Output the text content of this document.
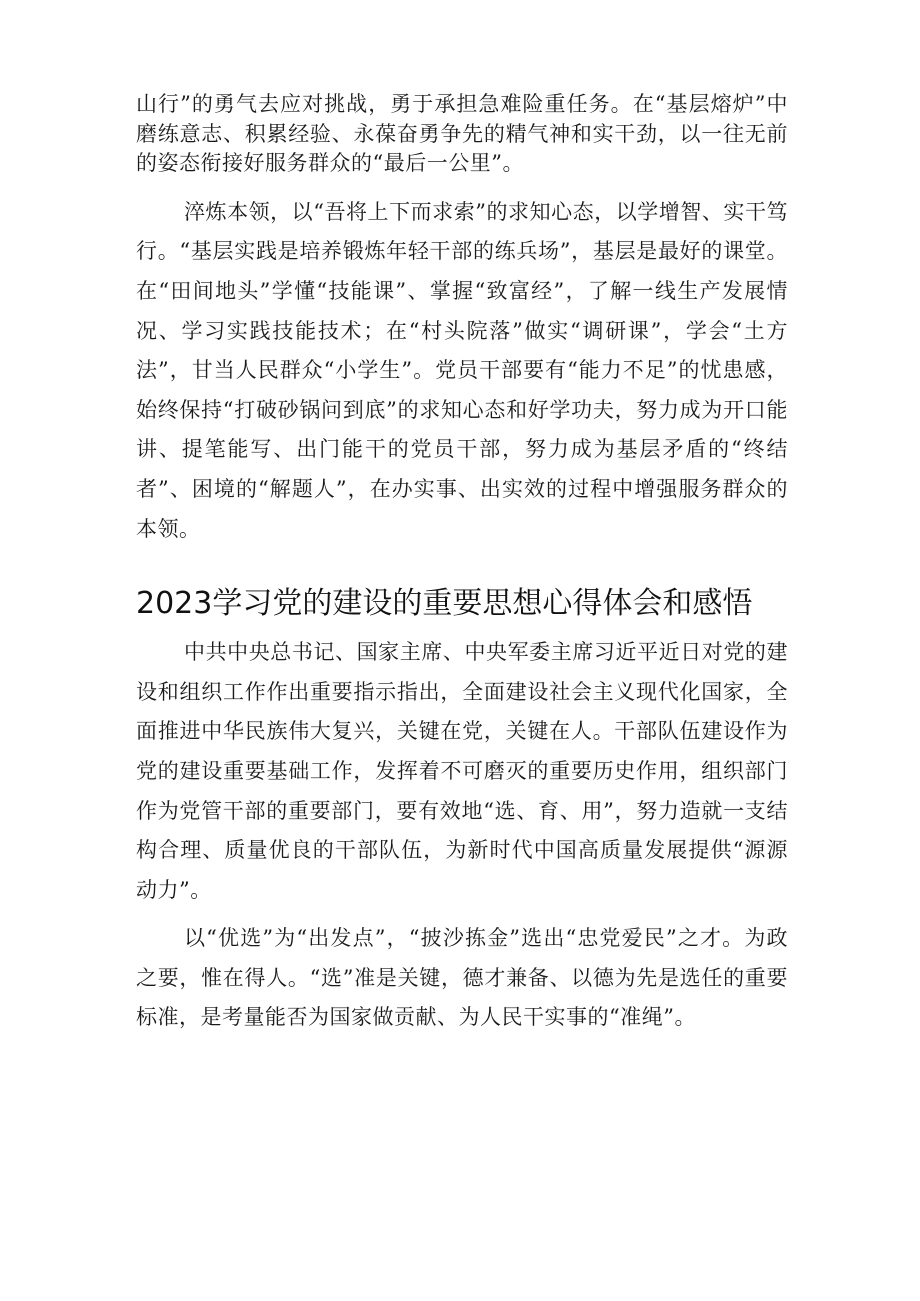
山行”的勇气去应对挑战，勇于承担急难险重任务。在“基层熔炉”中磨练意志、积累经验、永葆奋勇争先的精气神和实干劲，以一往无前的姿态衔接好服务群众的“最后一公里”。

淬炼本领，以“吾将上下而求索”的求知心态，以学增智、实干笃行。“基层实践是培养锻炼年轻干部的练兵场”，基层是最好的课堂。在“田间地头”学懂“技能课”、掌握“致富经”，了解一线生产发展情况、学习实践技能技术；在“村头院落”做实“调研课”，学会“土方法”，甘当人民群众“小学生”。党员干部要有“能力不足”的忧患感，始终保持“打破砂锅问到底”的求知心态和好学功夫，努力成为开口能讲、提笔能写、出门能干的党员干部，努力成为基层矛盾的“终结者”、困境的“解题人”，在办实事、出实效的过程中增强服务群众的本领。

2023学习党的建设的重要思想心得体会和感悟

中共中央总书记、国家主席、中央军委主席习近平近日对党的建设和组织工作作出重要指示指出，全面建设社会主义现代化国家，全面推进中华民族伟大复兴，关键在党，关键在人。干部队伍建设作为党的建设重要基础工作，发挥着不可磨灭的重要历史作用，组织部门作为党管干部的重要部门，要有效地“选、育、用”，努力造就一支结构合理、质量优良的干部队伍，为新时代中国高质量发展提供“源源动力”。

以“优选”为“出发点”，“披沙拣金”选出“忠党爱民”之才。为政之要，惟在得人。“选”准是关键，德才兼备、以德为先是选任的重要标准，是考量能否为国家做贡献、为人民干实事的“准绳”。
